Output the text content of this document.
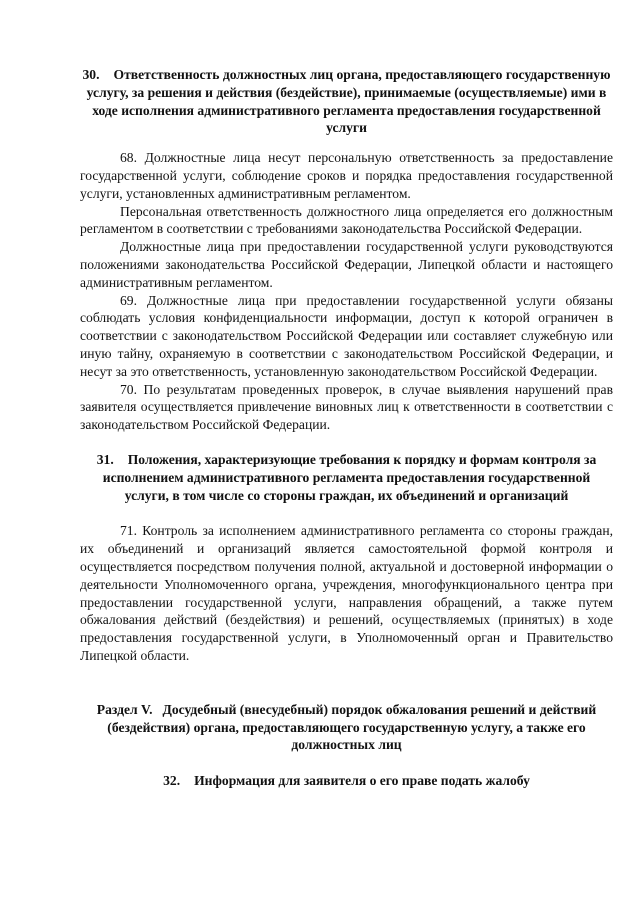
30. Ответственность должностных лиц органа, предоставляющего государственную услугу, за решения и действия (бездействие), принимаемые (осуществляемые) ими в ходе исполнения административного регламента предоставления государственной услуги

68. Должностные лица несут персональную ответственность за предоставление государственной услуги, соблюдение сроков и порядка предоставления государственной услуги, установленных административным регламентом.

Персональная ответственность должностного лица определяется его должностным регламентом в соответствии с требованиями законодательства Российской Федерации.

Должностные лица при предоставлении государственной услуги руководствуются положениями законодательства Российской Федерации, Липецкой области и настоящего административным регламентом.

69. Должностные лица при предоставлении государственной услуги обязаны соблюдать условия конфиденциальности информации, доступ к которой ограничен в соответствии с законодательством Российской Федерации или составляет служебную или иную тайну, охраняемую в соответствии с законодательством Российской Федерации, и несут за это ответственность, установленную законодательством Российской Федерации.

70. По результатам проведенных проверок, в случае выявления нарушений прав заявителя осуществляется привлечение виновных лиц к ответственности в соответствии с законодательством Российской Федерации.

31. Положения, характеризующие требования к порядку и формам контроля за исполнением административного регламента предоставления государственной услуги, в том числе со стороны граждан, их объединений и организаций

71. Контроль за исполнением административного регламента со стороны граждан, их объединений и организаций является самостоятельной формой контроля и осуществляется посредством получения полной, актуальной и достоверной информации о деятельности Уполномоченного органа, учреждения, многофункционального центра при предоставлении государственной услуги, направления обращений, а также путем обжалования действий (бездействия) и решений, осуществляемых (принятых) в ходе предоставления государственной услуги, в Уполномоченный орган и Правительство Липецкой области.

Раздел V. Досудебный (внесудебный) порядок обжалования решений и действий (бездействия) органа, предоставляющего государственную услугу, а также его должностных лиц

32. Информация для заявителя о его праве подать жалобу
